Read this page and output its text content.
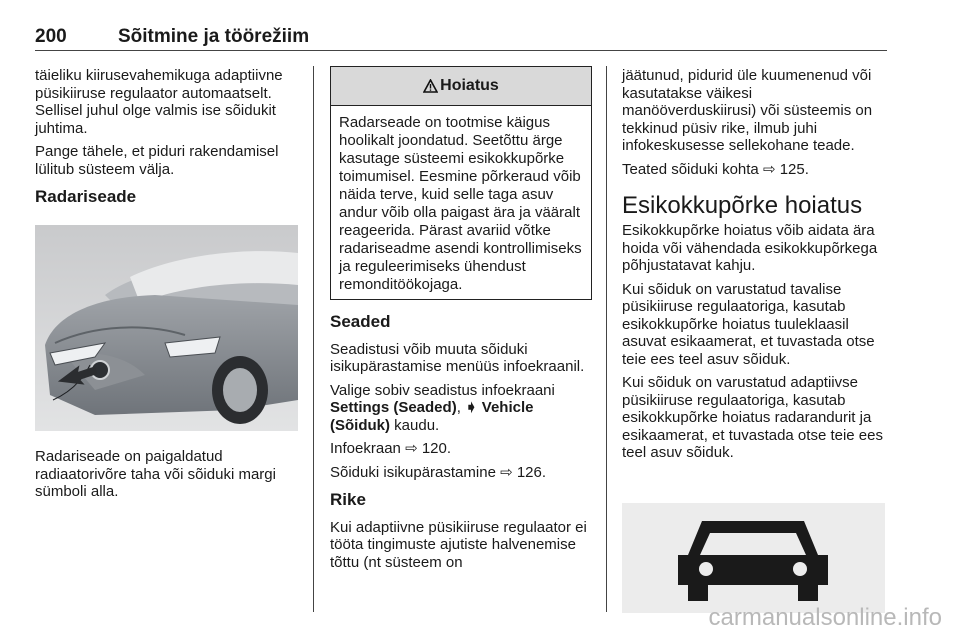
200	Sõitmine ja töörežiim

täieliku kiirusevahemikuga adaptiivne püsikiiruse regulaator automaatselt. Sellisel juhul olge valmis ise sõidukit juhtima.

Pange tähele, et piduri rakendamisel lülitub süsteem välja.

Radariseade

Radariseade on paigaldatud radiaatorivõre taha või sõiduki margi sümboli alla.

Hoiatus
Radarseade on tootmise käigus hoolikalt joondatud. Seetõttu ärge kasutage süsteemi esikokkupõrke toimumisel. Eesmine põrkeraud võib näida terve, kuid selle taga asuv andur võib olla paigast ära ja vääralt reageerida. Pärast avariid võtke radariseadme asendi kontrollimiseks ja reguleerimiseks ühendust remonditöökojaga.
Seaded

Seadistusi võib muuta sõiduki isikupärastamise menüüs infoekraanil.

Valige sobiv seadistus infoekraani Settings (Seaded), ➧ Vehicle (Sõiduk) kaudu.

Infoekraan ⇨ 120.

Sõiduki isikupärastamine ⇨ 126.

Rike

Kui adaptiivne püsikiiruse regulaator ei tööta tingimuste ajutiste halvenemise tõttu (nt süsteem on

jäätunud, pidurid üle kuumenenud või kasutatakse väikesi manööverduskiirusi) või süsteemis on tekkinud püsiv rike, ilmub juhi infokeskusesse sellekohane teade.

Teated sõiduki kohta ⇨ 125.

Esikokkupõrke hoiatus

Esikokkupõrke hoiatus võib aidata ära hoida või vähendada esikokkupõrkega põhjustatavat kahju.

Kui sõiduk on varustatud tavalise püsikiiruse regulaatoriga, kasutab esikokkupõrke hoiatus tuuleklaasil asuvat esikaamerat, et tuvastada otse teie ees teel asuv sõiduk.

Kui sõiduk on varustatud adaptiivse püsikiiruse regulaatoriga, kasutab esikokkupõrke hoiatus radarandurit ja esikaamerat, et tuvastada otse teie ees teel asuv sõiduk.

carmanualsonline.info
